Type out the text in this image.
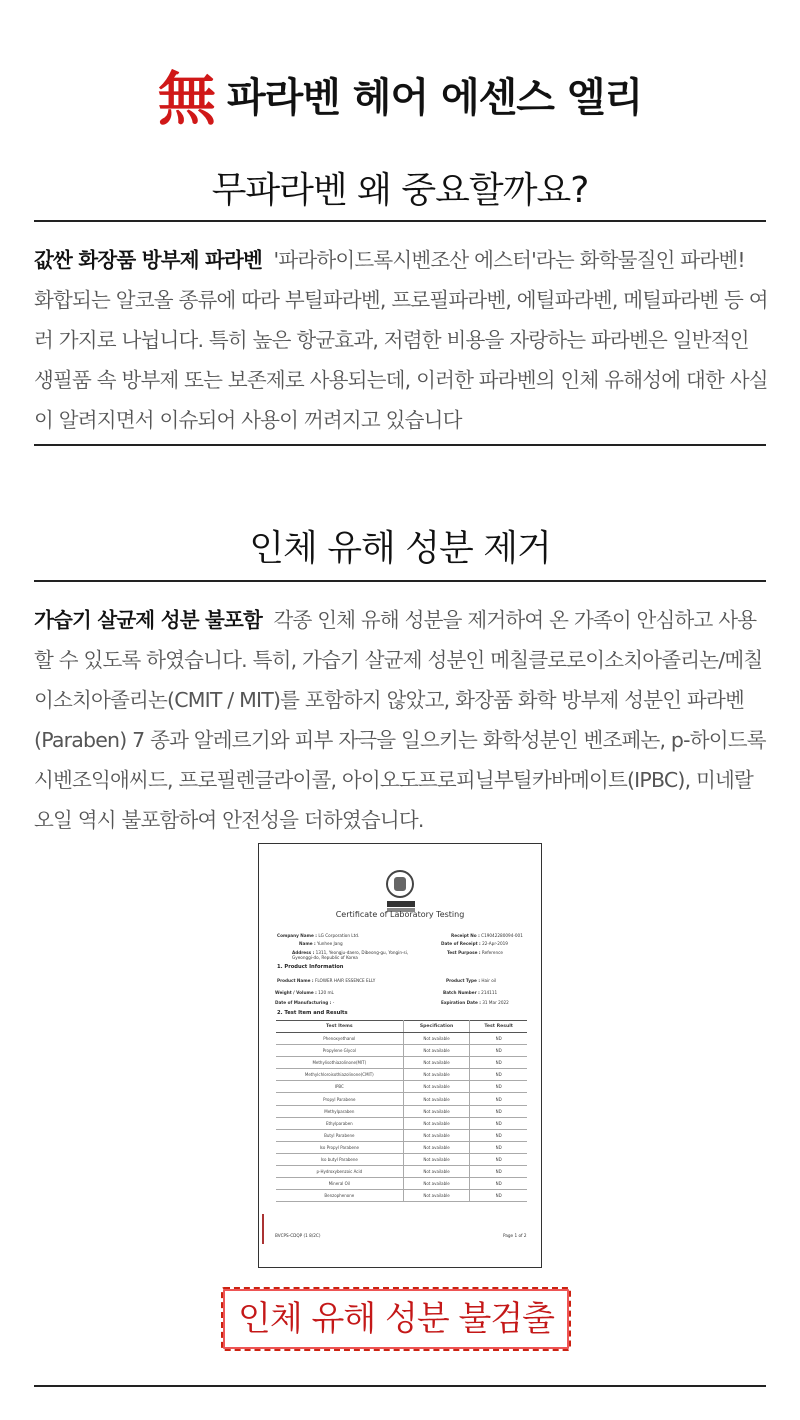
無 파라벤 헤어 에센스 엘리
무파라벤 왜 중요할까요?

값싼 화장품 방부제 파라벤 '파라하이드록시벤조산 에스터'라는 화학물질인 파라벤! 화합되는 알코올 종류에 따라 부틸파라벤, 프로필파라벤, 에틸파라벤, 메틸파라벤 등 여러 가지로 나뉩니다. 특히 높은 항균효과, 저렴한 비용을 자랑하는 파라벤은 일반적인 생필품 속 방부제 또는 보존제로 사용되는데, 이러한 파라벤의 인체 유해성에 대한 사실이 알려지면서 이슈되어 사용이 꺼려지고 있습니다

인체 유해 성분 제거

가습기 살균제 성분 불포함 각종 인체 유해 성분을 제거하여 온 가족이 안심하고 사용할 수 있도록 하였습니다. 특히, 가습기 살균제 성분인 메칠클로로이소치아졸리논/메칠이소치아졸리논(CMIT / MIT)를 포함하지 않았고, 화장품 화학 방부제 성분인 파라벤(Paraben) 7 종과 알레르기와 피부 자극을 일으키는 화학성분인 벤조페논, p-하이드록시벤조익애씨드, 프로필렌글라이콜, 아이오도프로피닐부틸카바메이트(IPBC), 미네랄오일 역시 불포함하여 안전성을 더하였습니다.

Certificate of Laboratory Testing
Company Name : LG Corporation Ltd.
Name : Yunhee Jang
Address : 1311, Yeongju-daero, Dibeong-gu, Yongin-si, Gyeonggi-do, Republic of Korea
Receipt No : C19042280094-001
Date of Receipt : 22-Apr-2019
Test Purpose : Reference
1. Product Information
Product Name : FLOWER HAIR ESSENCE ELLY	Product Type : Hair oil
Weight / Volume : 120 mL	Batch Number : 214111
Date of Manufacturing : -	Expiration Date : 31 Mar 2022
2. Test Item and Results
Test Items	Specification	Test Result
Phenoxyethanol	Not available	ND
Propylene Glycol	Not available	ND
Methylisothiazolinone(MIT)	Not available	ND
Methylchloroisothiazolinone(CMIT)	Not available	ND
IPBC	Not available	ND
Propyl Parabene	Not available	ND
Methylparaben	Not available	ND
Ethylparaben	Not available	ND
Butyl Parabene	Not available	ND
Iso Propyl Parabene	Not available	ND
Iso butyl Parabene	Not available	ND
p-Hydroxybenzoic Acid	Not available	ND
Mineral Oil	Not available	ND
Benzophenone	Not available	ND
BVCPS-CDQP (1 8/2C)	Page 1 of 2
인체 유해 성분 불검출
